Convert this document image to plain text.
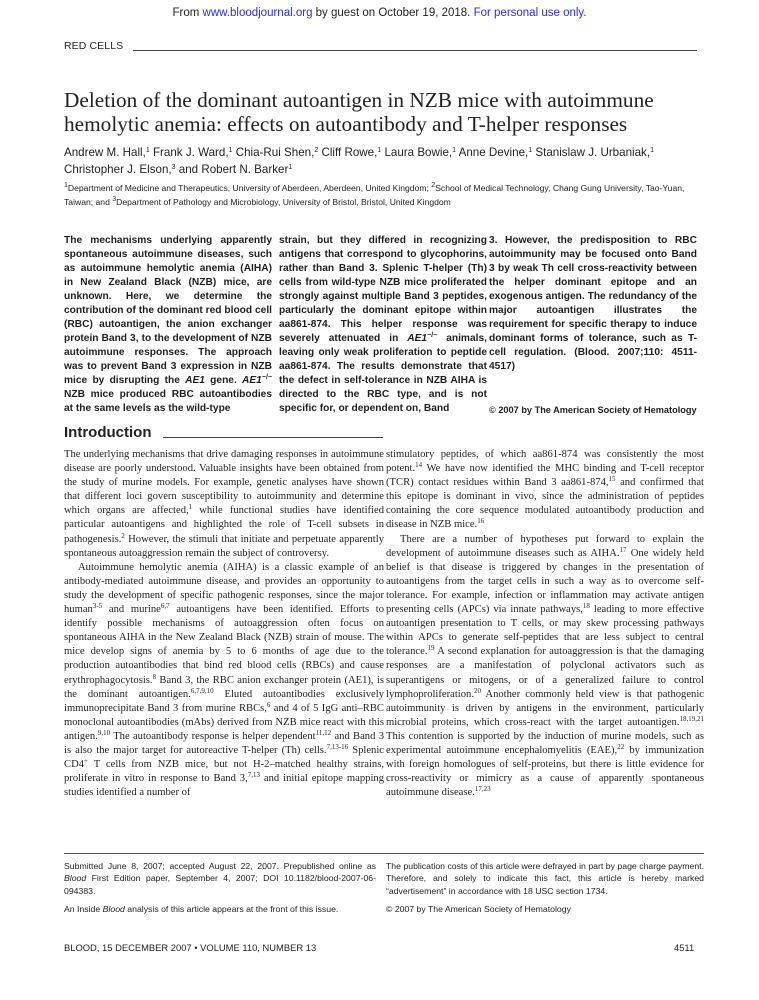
From www.bloodjournal.org by guest on October 19, 2018. For personal use only.
RED CELLS
Deletion of the dominant autoantigen in NZB mice with autoimmune hemolytic anemia: effects on autoantibody and T-helper responses
Andrew M. Hall,$^1$ Frank J. Ward,$^1$ Chia-Rui Shen,$^2$ Cliff Rowe,$^1$ Laura Bowie,$^1$ Anne Devine,$^1$ Stanislaw J. Urbaniak,$^1$
Christopher J. Elson,$^3$ and Robert N. Barker$^1$
$^1$Department of Medicine and Therapeutics, University of Aberdeen, Aberdeen, United Kingdom; $^2$School of Medical Technology, Chang Gung University, Tao-Yuan, Taiwan; and $^3$Department of Pathology and Microbiology, University of Bristol, Bristol, United Kingdom
The mechanisms underlying apparently spontaneous autoimmune diseases, such as autoimmune hemolytic anemia (AIHA) in New Zealand Black (NZB) mice, are unknown. Here, we determine the contribution of the dominant red blood cell (RBC) autoantigen, the anion exchanger protein Band 3, to the development of NZB autoimmune responses. The approach was to prevent Band 3 expression in NZB mice by disrupting the AE1 gene. AE1−/− NZB mice produced RBC autoantibodies at the same levels as the wild-type
strain, but they differed in recognizing antigens that correspond to glycophorins, rather than Band 3. Splenic T-helper (Th) cells from wild-type NZB mice proliferated strongly against multiple Band 3 peptides, particularly the dominant epitope within aa861-874. This helper response was severely attenuated in AE1−/− animals, leaving only weak proliferation to peptide aa861-874. The results demonstrate that the defect in self-tolerance in NZB AIHA is directed to the RBC type, and is not specific for, or dependent on, Band
3. However, the predisposition to RBC autoimmunity may be focused onto Band 3 by weak Th cell cross-reactivity between the helper dominant epitope and an exogenous antigen. The redundancy of the major autoantigen illustrates the requirement for specific therapy to induce dominant forms of tolerance, such as T-cell regulation. (Blood. 2007;110: 4511-4517)
© 2007 by The American Society of Hematology
Introduction

The underlying mechanisms that drive damaging responses in autoimmune disease are poorly understood. Valuable insights have been obtained from the study of murine models. For example, genetic analyses have shown that different loci govern susceptibility to autoimmunity and determine which organs are affected,$^1$ while functional studies have identified particular autoantigens and highlighted the role of T-cell subsets in pathogenesis.$^2$ However, the stimuli that initiate and perpetuate apparently spontaneous autoaggression remain the subject of controversy.

Autoimmune hemolytic anemia (AIHA) is a classic example of an antibody-mediated autoimmune disease, and provides an opportunity to study the development of specific pathogenic responses, since the major human$^{3-5}$ and murine$^{6,7}$ autoantigens have been identified. Efforts to identify possible mechanisms of autoaggression often focus on spontaneous AIHA in the New Zealand Black (NZB) strain of mouse. The mice develop signs of anemia by 5 to 6 months of age due to the production autoantibodies that bind red blood cells (RBCs) and cause erythrophagocytosis.$^8$ Band 3, the RBC anion exchanger protein (AE1), is the dominant autoantigen.$^{6,7,9,10}$ Eluted autoantibodies exclusively immunoprecipitate Band 3 from murine RBCs,$^6$ and 4 of 5 IgG anti–RBC monoclonal autoantibodies (mAbs) derived from NZB mice react with this antigen.$^{9,10}$ The autoantibody response is helper dependent$^{11,12}$ and Band 3 is also the major target for autoreactive T-helper (Th) cells.$^{7,13-16}$ Splenic CD4+ T cells from NZB mice, but not H-2–matched healthy strains, proliferate in vitro in response to Band 3,$^{7,13}$ and initial epitope mapping studies identified a number of

stimulatory peptides, of which aa861-874 was consistently the most potent.$^{14}$ We have now identified the MHC binding and T-cell receptor (TCR) contact residues within Band 3 aa861-874,15 and confirmed that this epitope is dominant in vivo, since the administration of peptides containing the core sequence modulated autoantibody production and disease in NZB mice.$^{16}$

There are a number of hypotheses put forward to explain the development of autoimmune diseases such as AIHA.$^{17}$ One widely held belief is that disease is triggered by changes in the presentation of autoantigens from the target cells in such a way as to overcome self-tolerance. For example, infection or inflammation may activate antigen presenting cells (APCs) via innate pathways,$^{18}$ leading to more effective autoantigen presentation to T cells, or may skew processing pathways within APCs to generate self-peptides that are less subject to central tolerance.$^{19}$ A second explanation for autoaggression is that the damaging responses are a manifestation of polyclonal activators such as superantigens or mitogens, or of a generalized failure to control lymphoproliferation.$^{20}$ Another commonly held view is that pathogenic autoimmunity is driven by antigens in the environment, particularly microbial proteins, which cross-react with the target autoantigen.$^{18,19,21}$ This contention is supported by the induction of murine models, such as experimental autoimmune encephalomyelitis (EAE),$^{22}$ by immunization with foreign homologues of self-proteins, but there is little evidence for cross-reactivity or mimicry as a cause of apparently spontaneous autoimmune disease.$^{17,23}$

Submitted June 8, 2007; accepted August 22, 2007. Prepublished online as Blood First Edition paper, September 4, 2007; DOI 10.1182/blood-2007-06-094383.

An Inside Blood analysis of this article appears at the front of this issue.

The publication costs of this article were defrayed in part by page charge payment. Therefore, and solely to indicate this fact, this article is hereby marked “advertisement” in accordance with 18 USC section 1734.

© 2007 by The American Society of Hematology

BLOOD, 15 DECEMBER 2007 • VOLUME 110, NUMBER 13	4511
